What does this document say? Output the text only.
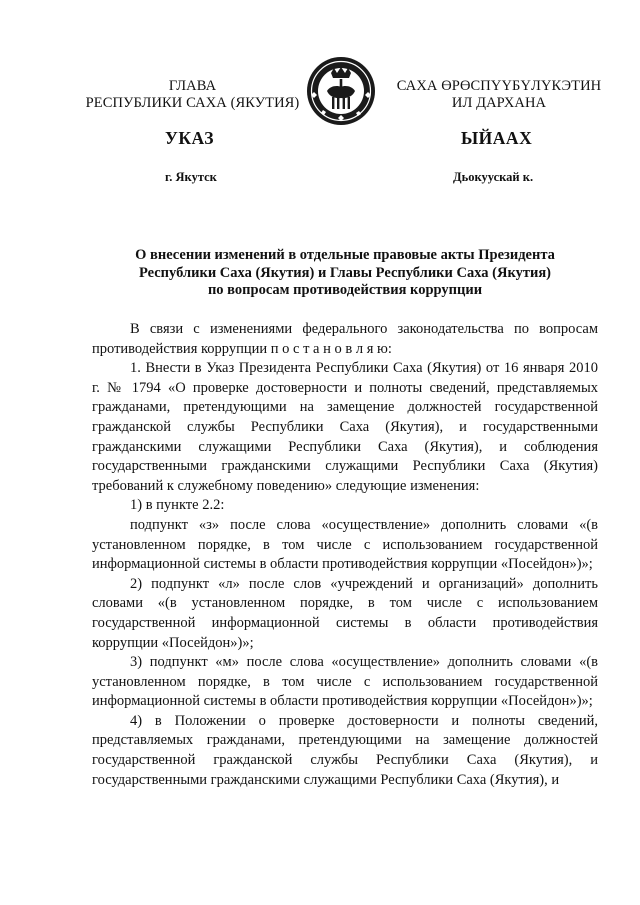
ГЛАВА
РЕСПУБЛИКИ САХА (ЯКУТИЯ)
САХА ӨРӨСПҮҮБҮЛҮКЭТИН
ИЛ ДАРХАНА
УКАЗ	ЫЙААХ
г. Якутск	Дьокуускай к.
О внесении изменений в отдельные правовые акты Президента
Республики Саха (Якутия) и Главы Республики Саха (Якутия)
по вопросам противодействия коррупции

В связи с изменениями федерального законодательства по вопросам противодействия коррупции п о с т а н о в л я ю:

1. Внести в Указ Президента Республики Саха (Якутия) от 16 января 2010 г. № 1794 «О проверке достоверности и полноты сведений, представляемых гражданами, претендующими на замещение должностей государственной гражданской службы Республики Саха (Якутия), и государственными гражданскими служащими Республики Саха (Якутия), и соблюдения государственными гражданскими служащими Республики Саха (Якутия) требований к служебному поведению» следующие изменения:

1) в пункте 2.2:

подпункт «з» после слова «осуществление» дополнить словами «(в установленном порядке, в том числе с использованием государственной информационной системы в области противодействия коррупции «Посейдон»)»;

2) подпункт «л» после слов «учреждений и организаций» дополнить словами «(в установленном порядке, в том числе с использованием государственной информационной системы в области противодействия коррупции «Посейдон»)»;

3) подпункт «м» после слова «осуществление» дополнить словами «(в установленном порядке, в том числе с использованием государственной информационной системы в области противодействия коррупции «Посейдон»)»;

4) в Положении о проверке достоверности и полноты сведений, представляемых гражданами, претендующими на замещение должностей государственной гражданской службы Республики Саха (Якутия), и государственными гражданскими служащими Республики Саха (Якутия), и
